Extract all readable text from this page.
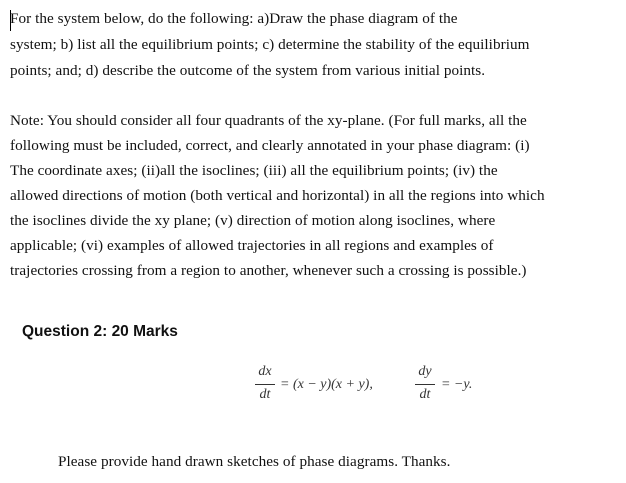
For the system below, do the following: a)Draw the phase diagram of the
system; b) list all the equilibrium points; c) determine the stability of the equilibrium
points; and; d) describe the outcome of the system from various initial points.
Note: You should consider all four quadrants of the xy-plane. (For full marks, all the
following must be included, correct, and clearly annotated in your phase diagram: (i)
The coordinate axes; (ii)all the isoclines; (iii) all the equilibrium points; (iv) the
allowed directions of motion (both vertical and horizontal) in all the regions into which
the isoclines divide the xy plane; (v) direction of motion along isoclines, where
applicable; (vi) examples of allowed trajectories in all regions and examples of
trajectories crossing from a region to another, whenever such a crossing is possible.)
Question 2: 20 Marks
dx
dt
= (x − y)(x + y),
dy
dt
= −y.
Please provide hand drawn sketches of phase diagrams. Thanks.
